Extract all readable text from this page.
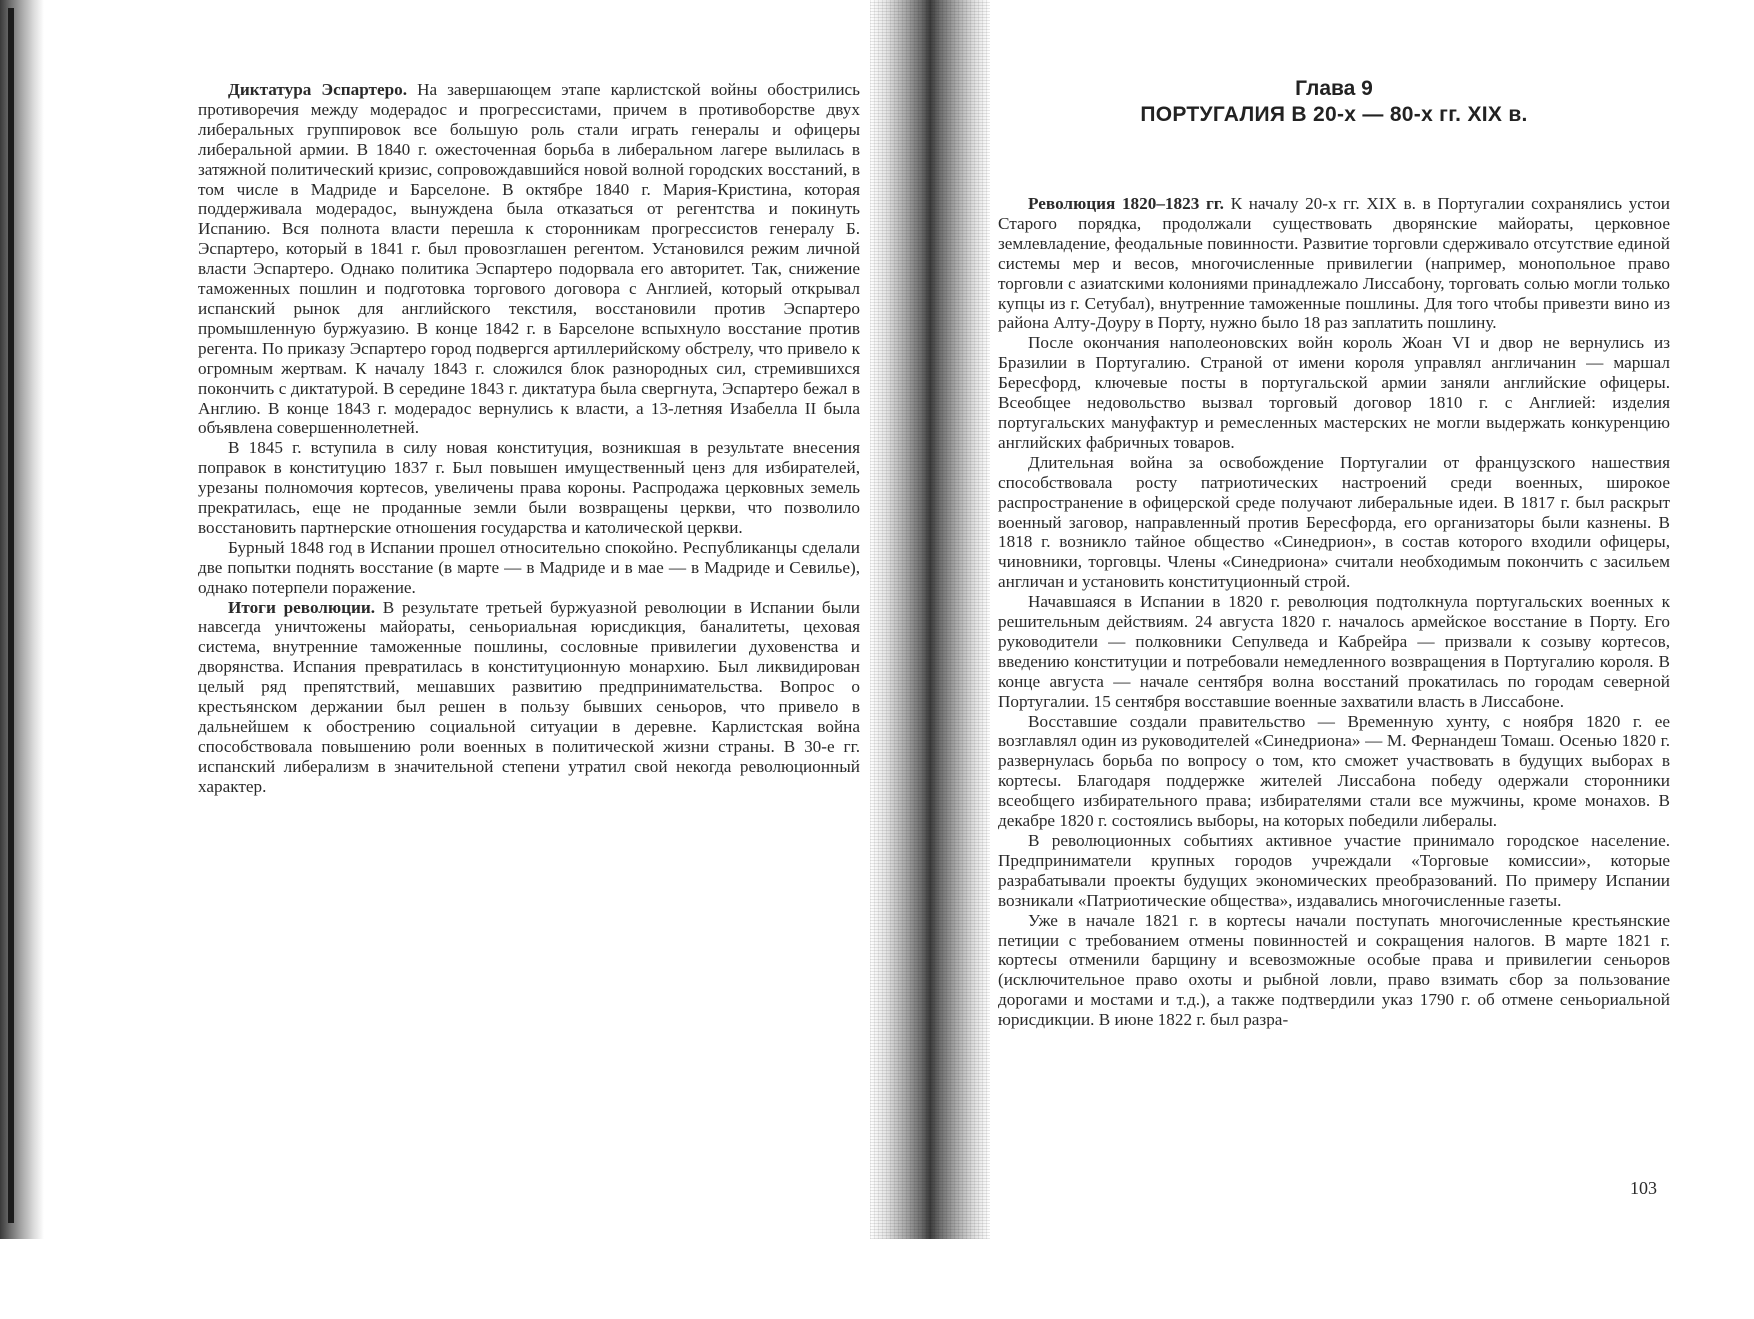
Диктатура Эспартеро. На завершающем этапе карлистской войны обострились противоречия между модерадос и прогрессистами, причем в противоборстве двух либеральных группировок все большую роль стали играть генералы и офицеры либеральной армии. В 1840 г. ожесточенная борьба в либеральном лагере вылилась в затяжной политический кризис, сопровождавшийся новой волной городских восстаний, в том числе в Мадриде и Барселоне. В октябре 1840 г. Мария-Кристина, которая поддерживала модерадос, вынуждена была отказаться от регентства и покинуть Испанию. Вся полнота власти перешла к сторонникам прогрессистов генералу Б. Эспартеро, который в 1841 г. был провозглашен регентом. Установился режим личной власти Эспартеро. Однако политика Эспартеро подорвала его авторитет. Так, снижение таможенных пошлин и подготовка торгового договора с Англией, который открывал испанский рынок для английского текстиля, восстановили против Эспартеро промышленную буржуазию. В конце 1842 г. в Барселоне вспыхнуло восстание против регента. По приказу Эспартеро город подвергся артиллерийскому обстрелу, что привело к огромным жертвам. К началу 1843 г. сложился блок разнородных сил, стремившихся покончить с диктатурой. В середине 1843 г. диктатура была свергнута, Эспартеро бежал в Англию. В конце 1843 г. модерадос вернулись к власти, а 13-летняя Изабелла II была объявлена совершеннолетней.

В 1845 г. вступила в силу новая конституция, возникшая в результате внесения поправок в конституцию 1837 г. Был повышен имущественный ценз для избирателей, урезаны полномочия кортесов, увеличены права короны. Распродажа церковных земель прекратилась, еще не проданные земли были возвращены церкви, что позволило восстановить партнерские отношения государства и католической церкви.

Бурный 1848 год в Испании прошел относительно спокойно. Республиканцы сделали две попытки поднять восстание (в марте — в Мадриде и в мае — в Мадриде и Севилье), однако потерпели поражение.

Итоги революции. В результате третьей буржуазной революции в Испании были навсегда уничтожены майораты, сеньориальная юрисдикция, баналитеты, цеховая система, внутренние таможенные пошлины, сословные привилегии духовенства и дворянства. Испания превратилась в конституционную монархию. Был ликвидирован целый ряд препятствий, мешавших развитию предпринимательства. Вопрос о крестьянском держании был решен в пользу бывших сеньоров, что привело в дальнейшем к обострению социальной ситуации в деревне. Карлистская война способствовала повышению роли военных в политической жизни страны. В 30-е гг. испанский либерализм в значительной степени утратил свой некогда революционный характер.

Глава 9
ПОРТУГАЛИЯ В 20-х — 80-х гг. XIX в.

Революция 1820–1823 гг. К началу 20-х гг. XIX в. в Португалии сохранялись устои Старого порядка, продолжали существовать дворянские майораты, церковное землевладение, феодальные повинности. Развитие торговли сдерживало отсутствие единой системы мер и весов, многочисленные привилегии (например, монопольное право торговли с азиатскими колониями принадлежало Лиссабону, торговать солью могли только купцы из г. Сетубал), внутренние таможенные пошлины. Для того чтобы привезти вино из района Алту-Доуру в Порту, нужно было 18 раз заплатить пошлину.

После окончания наполеоновских войн король Жоан VI и двор не вернулись из Бразилии в Португалию. Страной от имени короля управлял англичанин — маршал Бересфорд, ключевые посты в португальской армии заняли английские офицеры. Всеобщее недовольство вызвал торговый договор 1810 г. с Англией: изделия португальских мануфактур и ремесленных мастерских не могли выдержать конкуренцию английских фабричных товаров.

Длительная война за освобождение Португалии от французского нашествия способствовала росту патриотических настроений среди военных, широкое распространение в офицерской среде получают либеральные идеи. В 1817 г. был раскрыт военный заговор, направленный против Бересфорда, его организаторы были казнены. В 1818 г. возникло тайное общество «Синедрион», в состав которого входили офицеры, чиновники, торговцы. Члены «Синедриона» считали необходимым покончить с засильем англичан и установить конституционный строй.

Начавшаяся в Испании в 1820 г. революция подтолкнула португальских военных к решительным действиям. 24 августа 1820 г. началось армейское восстание в Порту. Его руководители — полковники Сепулведа и Кабрейра — призвали к созыву кортесов, введению конституции и потребовали немедленного возвращения в Португалию короля. В конце августа — начале сентября волна восстаний прокатилась по городам северной Португалии. 15 сентября восставшие военные захватили власть в Лиссабоне.

Восставшие создали правительство — Временную хунту, с ноября 1820 г. ее возглавлял один из руководителей «Синедриона» — М. Фернандеш Томаш. Осенью 1820 г. развернулась борьба по вопросу о том, кто сможет участвовать в будущих выборах в кортесы. Благодаря поддержке жителей Лиссабона победу одержали сторонники всеобщего избирательного права; избирателями стали все мужчины, кроме монахов. В декабре 1820 г. состоялись выборы, на которых победили либералы.

В революционных событиях активное участие принимало городское население. Предприниматели крупных городов учреждали «Торговые комиссии», которые разрабатывали проекты будущих экономических преобразований. По примеру Испании возникали «Патриотические общества», издавались многочисленные газеты.

Уже в начале 1821 г. в кортесы начали поступать многочисленные крестьянские петиции с требованием отмены повинностей и сокращения налогов. В марте 1821 г. кортесы отменили барщину и всевозможные особые права и привилегии сеньоров (исключительное право охоты и рыбной ловли, право взимать сбор за пользование дорогами и мостами и т.д.), а также подтвердили указ 1790 г. об отмене сеньориальной юрисдикции. В июне 1822 г. был разра-

103
